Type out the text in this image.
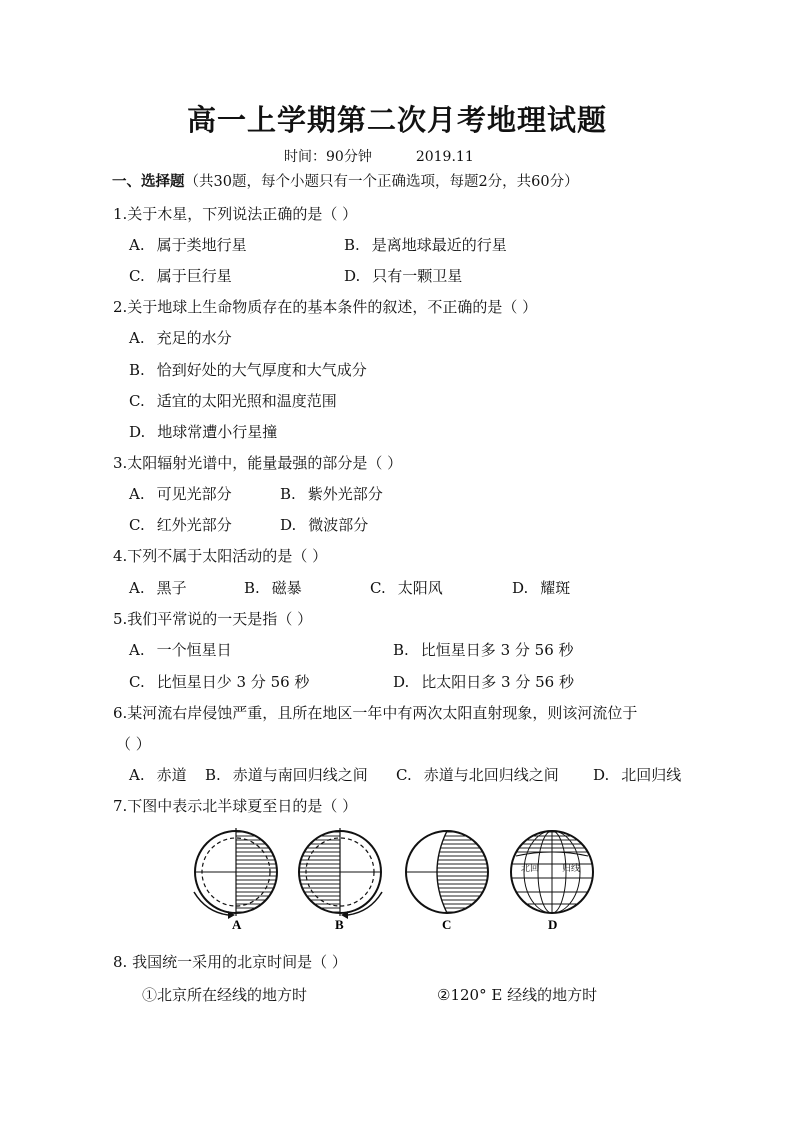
高一上学期第二次月考地理试题
时间：90分钟	2019.11
一、选择题（共30题，每个小题只有一个正确选项，每题2分，共60分）
1.关于木星，下列说法正确的是（ ）
A. 属于类地行星	B. 是离地球最近的行星
C. 属于巨行星	D. 只有一颗卫星
2.关于地球上生命物质存在的基本条件的叙述，不正确的是（ ）
A. 充足的水分
B. 恰到好处的大气厚度和大气成分
C. 适宜的太阳光照和温度范围
D. 地球常遭小行星撞
3.太阳辐射光谱中，能量最强的部分是（ ）
A. 可见光部分	B. 紫外光部分
C. 红外光部分	D. 微波部分
4.下列不属于太阳活动的是（ ）
A. 黑子	B. 磁暴	C. 太阳风	D. 耀斑
5.我们平常说的一天是指（ ）
A. 一个恒星日	B. 比恒星日多 3 分 56 秒
C. 比恒星日少 3 分 56 秒	D. 比太阳日多 3 分 56 秒
6.某河流右岸侵蚀严重，且所在地区一年中有两次太阳直射现象，则该河流位于
（ ）
A. 赤道 B. 赤道与南回归线之间 C. 赤道与北回归线之间 D. 北回归线
7.下图中表示北半球夏至日的是（ ）
A	B	C
北回	归线
D
8. 我国统一采用的北京时间是（ ）
①北京所在经线的地方时	②120° E 经线的地方时
